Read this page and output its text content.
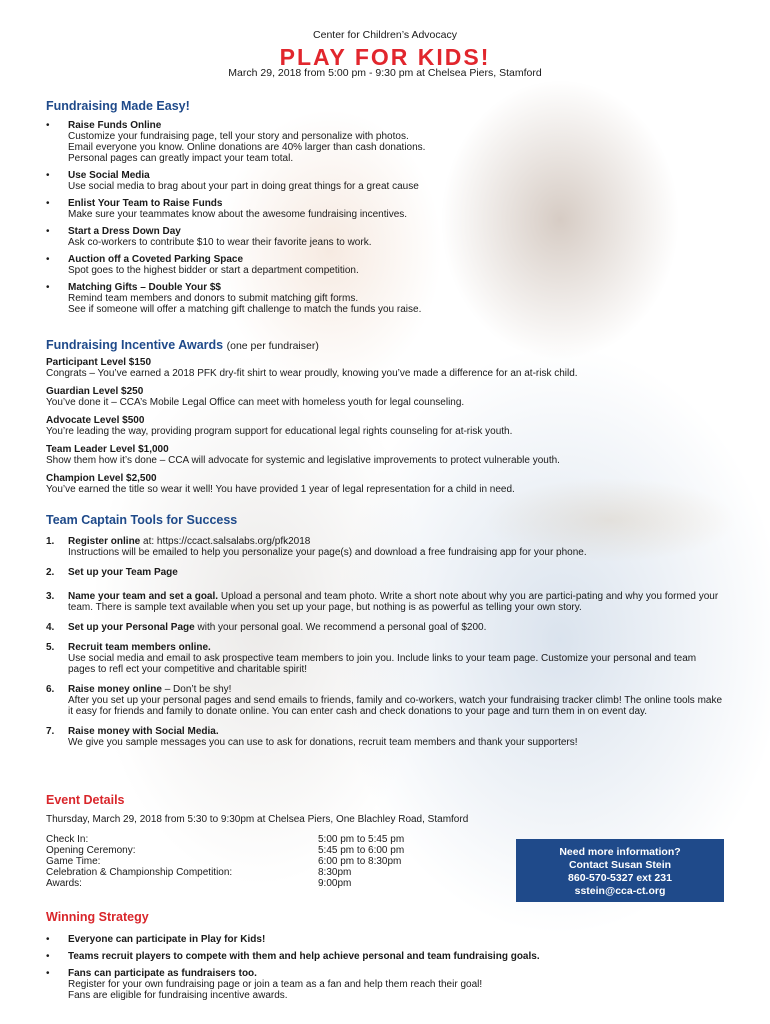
Center for Children’s Advocacy
PLAY FOR KIDS!
March 29, 2018 from 5:00 pm - 9:30 pm at Chelsea Piers, Stamford
Fundraising Made Easy!
• Raise Funds Online
Customize your fundraising page, tell your story and personalize with photos.
Email everyone you know. Online donations are 40% larger than cash donations.
Personal pages can greatly impact your team total.
• Use Social Media
Use social media to brag about your part in doing great things for a great cause
• Enlist Your Team to Raise Funds
Make sure your teammates know about the awesome fundraising incentives.
• Start a Dress Down Day
Ask co-workers to contribute $10 to wear their favorite jeans to work.
• Auction off a Coveted Parking Space
Spot goes to the highest bidder or start a department competition.
• Matching Gifts – Double Your $$
Remind team members and donors to submit matching gift forms.
See if someone will offer a matching gift challenge to match the funds you raise.
Fundraising Incentive Awards (one per fundraiser)
Participant Level $150
Congrats – You’ve earned a 2018 PFK dry-fit shirt to wear proudly, knowing you’ve made a difference for an at-risk child.
Guardian Level $250
You’ve done it – CCA’s Mobile Legal Office can meet with homeless youth for legal counseling.
Advocate Level $500
You’re leading the way, providing program support for educational legal rights counseling for at-risk youth.
Team Leader Level $1,000
Show them how it’s done – CCA will advocate for systemic and legislative improvements to protect vulnerable youth.
Champion Level $2,500
You’ve earned the title so wear it well! You have provided 1 year of legal representation for a child in need.
Team Captain Tools for Success
1. Register online at: https://ccact.salsalabs.org/pfk2018
Instructions will be emailed to help you personalize your page(s) and download a free fundraising app for your phone.
2. Set up your Team Page
3. Name your team and set a goal. Upload a personal and team photo. Write a short note about why you are partici-pating and why you formed your team. There is sample text available when you set up your page, but nothing is as powerful as telling your own story.
4. Set up your Personal Page with your personal goal. We recommend a personal goal of $200.
5. Recruit team members online.
Use social media and email to ask prospective team members to join you. Include links to your team page. Customize your personal and team pages to refl ect your competitive and charitable spirit!
6. Raise money online – Don’t be shy!
After you set up your personal pages and send emails to friends, family and co-workers, watch your fundraising tracker climb! The online tools make it easy for friends and family to donate online. You can enter cash and check donations to your page and turn them in on event day.
7. Raise money with Social Media.
We give you sample messages you can use to ask for donations, recruit team members and thank your supporters!
Event Details
Thursday, March 29, 2018 from 5:30 to 9:30pm at Chelsea Piers, One Blachley Road, Stamford
Check In:	5:00 pm to 5:45 pm
Opening Ceremony:	5:45 pm to 6:00 pm
Game Time:	6:00 pm to 8:30pm
Celebration & Championship Competition:	8:30pm
Awards:	9:00pm
Need more information?
Contact Susan Stein
860-570-5327 ext 231
sstein@cca-ct.org
Winning Strategy
• Everyone can participate in Play for Kids!
• Teams recruit players to compete with them and help achieve personal and team fundraising goals.
• Fans can participate as fundraisers too.
Register for your own fundraising page or join a team as a fan and help them reach their goal!
Fans are eligible for fundraising incentive awards.
